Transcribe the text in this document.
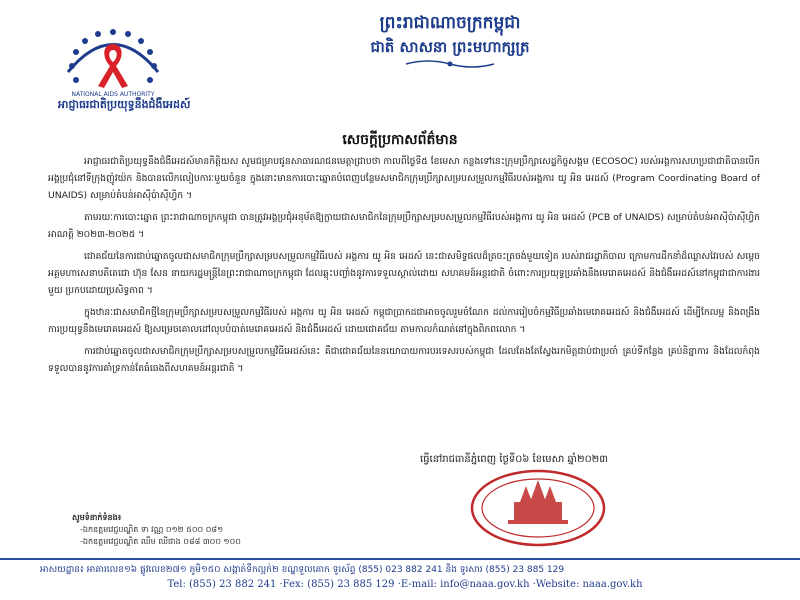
NATIONAL AIDS AUTHORITY
អាជ្ញាធរជាតិប្រយុទ្ធនឹងជំងឺអេដស៍
ព្រះរាជាណាចក្រកម្ពុជា
ជាតិ សាសនា ព្រះមហាក្សត្រ
សេចក្តីប្រកាសព័ត៌មាន

អាជ្ញាធរជាតិប្រយុទ្ធនឹងជំងឺអេដស៍មានកិត្តិយស សូមជម្រាបជូនសាធារណជនមេត្តាជ្រាបថា កាលពីថ្ងៃទី៥ ខែមេសា កន្លងទៅនេះក្រុមប្រឹក្សាសេដ្ឋកិច្ចសង្គម (ECOSOC) របស់អង្គការសហប្រជាជាតិបានបើកអង្គប្រជុំនៅទីក្រុងញ៉ូវយ៉ក និងបានលើកលៀបការៈមួយចំនួន ក្នុងនោះមានការបោះឆ្នោតបំពេញបន្ថែមសមាជិកក្រុមប្រឹក្សាសម្របសម្រួលកម្មវិធីរបស់អង្គការ យូ អិន អេដស៍ (Program Coordinating Board of UNAIDS) សម្រាប់តំបន់អាស៊ីប៉ាស៊ីហ្វិក ។

តាមរយៈការបោះឆ្នោត ព្រះរាជាណាចក្រកម្ពុជា បានត្រូវអង្គប្រជុំអនុម័តឱ្យក្លាយជាសមាជិកនៃក្រុមប្រឹក្សាសម្របសម្រួលកម្មវិធីរបស់អង្គការ យូ អិន អេដស៍ (PCB of UNAIDS) សម្រាប់តំបន់អាស៊ីប៉ាស៊ីហ្វិក អាណត្តិ ២០២៣-២០២៥ ។

ជោគជ័យនៃការជាប់ឆ្នោតចូលជាសមាជិកក្រុមប្រឹក្សាសម្របសម្រួលកម្មវិធីរបស់ អង្គការ យូ អិន អេដស៍ នេះជាសមិទ្ធផលដ៏ត្រចះត្រចង់មួយទៀត របស់រាជរដ្ឋាភិបាល ក្រោមការដឹកនាំដ៏ឈ្លាសវៃរបស់ សម្តេចអគ្គមហាសេនាបតីតេជោ ហ៊ុន សែន នាយករដ្ឋមន្ត្រីនៃព្រះរាជាណាចក្រកម្ពុជា ដែលឆ្លុះបញ្ចាំងនូវការទទួលស្គាល់ដោយ សហគមន៍អន្តរជាតិ ចំពោះការប្រយុទ្ធប្រឆាំងនឹងមេរោគអេដស៍ និងជំងឺអេដស៍នៅកម្ពុជាជាការងារមួយ ប្រកបដោយប្រសិទ្ធភាព ។

ក្នុងឋានៈជាសមាជិកថ្មីនៃក្រុមប្រឹក្សាសម្របសម្រួលកម្មវិធីរបស់ អង្គការ យូ អិន អេដស៍ កម្ពុជាប្រាកដជាអាចចូលរួមចំណែក ដល់ការរៀបចំកម្មវិធីប្រឆាំងមេរោគអេដស៍ និងជំងឺអេដស៍ ដើម្បីកែលម្អ និងពង្រឹងការប្រយុទ្ធនឹងមេរោគអេដស៍ ឱ្យសម្រេចគោលដៅលុបបំបាត់មេរោគអេដស៍ និងជំងឺអេដស៍ ដោយជោគជ័យ តាមកាលកំណត់នៅក្នុងពិភពលោក ។

ការជាប់ឆ្នោតចូលជាសមាជិកក្រុមប្រឹក្សាសម្របសម្រួលកម្មវិធីអេដស៍នេះ គឺជាជោគជ័យនៃនយោបាយការបរទេសរបស់កម្ពុជា ដែលតែងតែស្វែងរកមិត្តជាប់ជាប្រចាំ គ្រប់ទីកន្លែង គ្រប់និន្នាការ និងដែលកំពុងទទួលបាននូវការគាំទ្រកាន់តែធំធេងពីសហគមន៍អន្តរជាតិ ។

ធ្វើនៅរាជធានីភ្នំពេញ ថ្ងៃទី០៦ ខែមេសា ឆ្នាំ២០២៣
សូមទំនាក់ទំនង៖
-ឯកឧត្តមវេជ្ជបណ្ឌិត ទា វណ្ណ ០១២ ៥០០ ០៨១
-ឯកឧត្តមវេជ្ជបណ្ឌិត ឈឹម ឈីផាង ០៨៨ ៣០០ ១០០
អាសយដ្ឋាន៖ អាគារលេខ១៦ ផ្លូវលេខ២៧១ ភូមិ១៥០ សង្កាត់ទឹកល្អក់២ ខណ្ឌទួលគោក ទូរស័ព្ទ (855) 023 882 241 និង ទូរសារ (855) 23 885 129
Tel: (855) 23 882 241 ·Fex: (855) 23 885 129 ·E-mail: info@naaa.gov.kh ·Website: naaa.gov.kh
